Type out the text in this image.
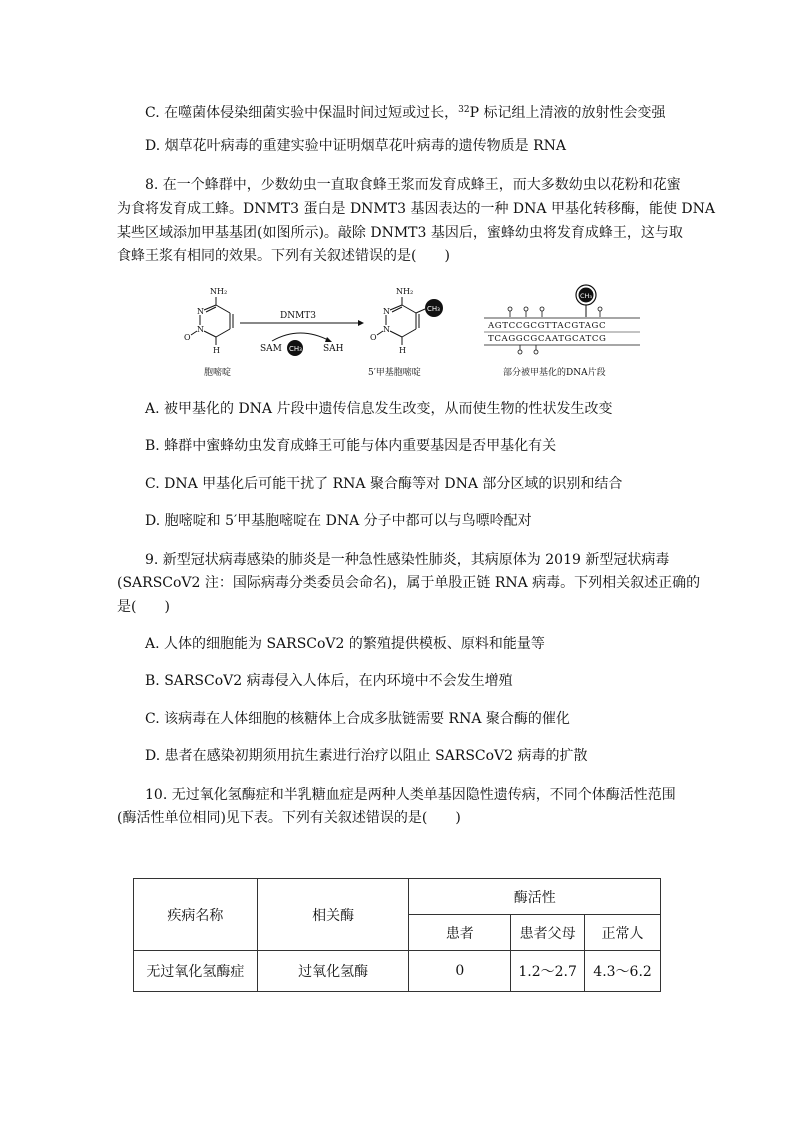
C. 在噬菌体侵染细菌实验中保温时间过短或过长，$^{32}$P 标记组上清液的放射性会变强
D. 烟草花叶病毒的重建实验中证明烟草花叶病毒的遗传物质是 RNA
8. 在一个蜂群中，少数幼虫一直取食蜂王浆而发育成蜂王，而大多数幼虫以花粉和花蜜
为食将发育成工蜂。DNMT3 蛋白是 DNMT3 基因表达的一种 DNA 甲基化转移酶，能使 DNA
某些区域添加甲基基团(如图所示)。敲除 DNMT3 基因后，蜜蜂幼虫将发育成蜂王，这与取
食蜂王浆有相同的效果。下列有关叙述错误的是(　　)
NH₂
N
N
O
H
胞嘧啶
DNMT3
SAM CH₃ SAH
CH₃
NH₂
N
N
O
H
5′甲基胞嘧啶
CH₃
AGTCCGCGTTACGTAGC
TCAGGCGCAATGCATCG
部分被甲基化的DNA片段
A. 被甲基化的 DNA 片段中遗传信息发生改变，从而使生物的性状发生改变
B. 蜂群中蜜蜂幼虫发育成蜂王可能与体内重要基因是否甲基化有关
C. DNA 甲基化后可能干扰了 RNA 聚合酶等对 DNA 部分区域的识别和结合
D. 胞嘧啶和 5′甲基胞嘧啶在 DNA 分子中都可以与鸟嘌呤配对
9. 新型冠状病毒感染的肺炎是一种急性感染性肺炎，其病原体为 2019 新型冠状病毒
(SARSCoV2 注：国际病毒分类委员会命名)，属于单股正链 RNA 病毒。下列相关叙述正确的
是(　　)
A. 人体的细胞能为 SARSCoV2 的繁殖提供模板、原料和能量等
B. SARSCoV2 病毒侵入人体后，在内环境中不会发生增殖
C. 该病毒在人体细胞的核糖体上合成多肽链需要 RNA 聚合酶的催化
D. 患者在感染初期须用抗生素进行治疗以阻止 SARSCoV2 病毒的扩散
10. 无过氧化氢酶症和半乳糖血症是两种人类单基因隐性遗传病，不同个体酶活性范围
(酶活性单位相同)见下表。下列有关叙述错误的是(　　)
疾病名称	相关酶	酶活性		
		患者	患者父母	正常人
无过氧化氢酶症	过氧化氢酶	0	1.2～2.7	4.3～6.2
